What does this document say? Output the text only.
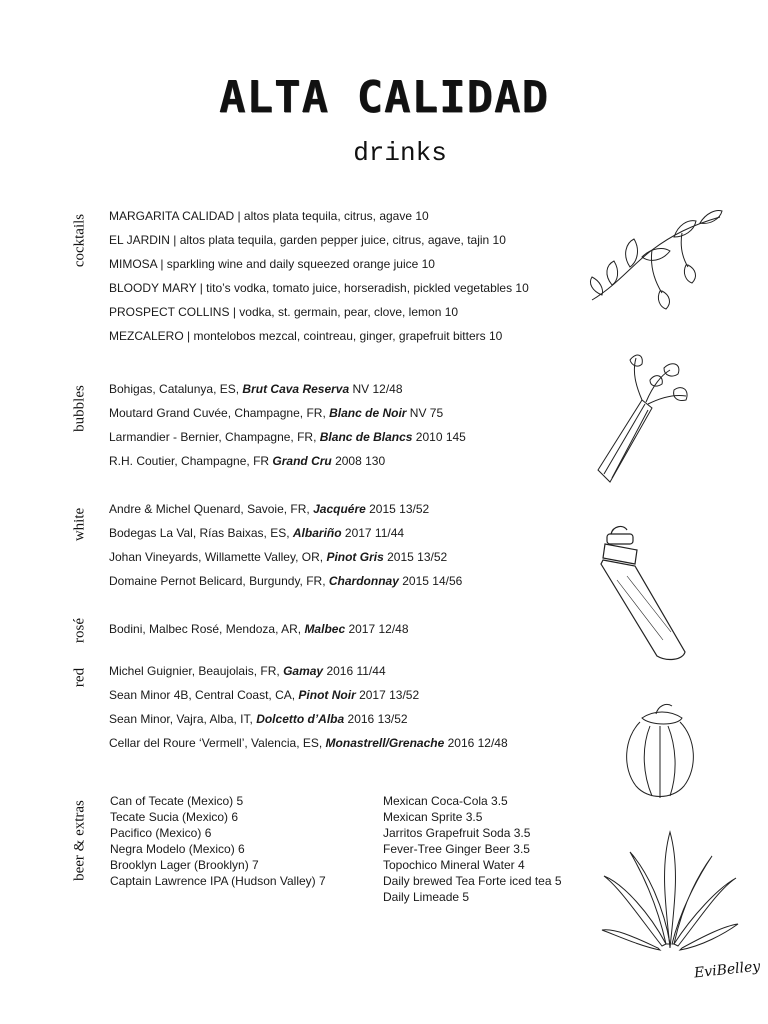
ALTA CALIDAD
drinks
cocktails MARGARITA CALIDAD | altos plata tequila, citrus, agave 10
EL JARDIN | altos plata tequila, garden pepper juice, citrus, agave, tajin 10
MIMOSA | sparkling wine and daily squeezed orange juice 10
BLOODY MARY | tito’s vodka, tomato juice, horseradish, pickled vegetables 10
PROSPECT COLLINS | vodka, st. germain, pear, clove, lemon 10
MEZCALERO | montelobos mezcal, cointreau, ginger, grapefruit bitters 10
bubbles Bohigas, Catalunya, ES, Brut Cava Reserva NV 12/48
Moutard Grand Cuvée, Champagne, FR, Blanc de Noir NV 75
Larmandier - Bernier, Champagne, FR, Blanc de Blancs 2010 145
R.H. Coutier, Champagne, FR Grand Cru 2008 130
white Andre & Michel Quenard, Savoie, FR, Jacquére 2015 13/52
Bodegas La Val, Rías Baixas, ES, Albariño 2017 11/44
Johan Vineyards, Willamette Valley, OR, Pinot Gris 2015 13/52
Domaine Pernot Belicard, Burgundy, FR, Chardonnay 2015 14/56
rosé Bodini, Malbec Rosé, Mendoza, AR, Malbec 2017 12/48
red Michel Guignier, Beaujolais, FR, Gamay 2016 11/44
Sean Minor 4B, Central Coast, CA, Pinot Noir 2017 13/52
Sean Minor, Vajra, Alba, IT, Dolcetto d’Alba 2016 13/52
Cellar del Roure ‘Vermell’, Valencia, ES, Monastrell/Grenache 2016 12/48
beer & extras Can of Tecate (Mexico) 5
Tecate Sucia (Mexico) 6
Pacifico (Mexico) 6
Negra Modelo (Mexico) 6
Brooklyn Lager (Brooklyn) 7
Captain Lawrence IPA (Hudson Valley) 7
Mexican Coca-Cola 3.5
Mexican Sprite 3.5
Jarritos Grapefruit Soda 3.5
Fever-Tree Ginger Beer 3.5
Topochico Mineral Water 4
Daily brewed Tea Forte iced tea 5
Daily Limeade 5
EviBelley
